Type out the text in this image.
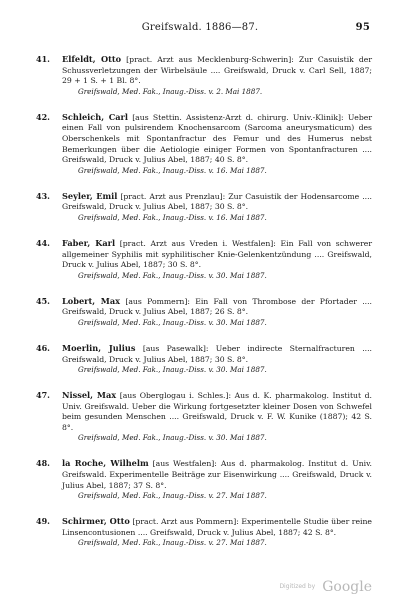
Greifswald. 1886—87.	95
41.	Elfeldt, Otto [pract. Arzt aus Mecklenburg-Schwerin]: Zur Casuistik der Schussverletzungen der Wirbelsäule .... Greifswald, Druck v. Carl Sell, 1887; 29 + 1 S. + 1 Bl. 8°.
Greifswald, Med. Fak., Inaug.-Diss. v. 2. Mai 1887.
42.	Schleich, Carl [aus Stettin. Assistenz-Arzt d. chirurg. Univ.-Klinik]: Ueber einen Fall von pulsirendem Knochensarcom (Sarcoma aneurysmaticum) des Oberschenkels mit Spontanfractur des Femur und des Humerus nebst Bemerkungen über die Aetiologie einiger Formen von Spontanfracturen .... Greifswald, Druck v. Julius Abel, 1887; 40 S. 8°.
Greifswald, Med. Fak., Inaug.-Diss. v. 16. Mai 1887.
43.	Seyler, Emil [pract. Arzt aus Prenzlau]: Zur Casuistik der Hodensarcome .... Greifswald, Druck v. Julius Abel, 1887; 30 S. 8°.
Greifswald, Med. Fak., Inaug.-Diss. v. 16. Mai 1887.
44.	Faber, Karl [pract. Arzt aus Vreden i. Westfalen]: Ein Fall von schwerer allgemeiner Syphilis mit syphilitischer Knie-Gelenkentzündung .... Greifswald, Druck v. Julius Abel, 1887; 30 S. 8°.
Greifswald, Med. Fak., Inaug.-Diss. v. 30. Mai 1887.
45.	Lobert, Max [aus Pommern]: Ein Fall von Thrombose der Pfortader .... Greifswald, Druck v. Julius Abel, 1887; 26 S. 8°.
Greifswald, Med. Fak., Inaug.-Diss. v. 30. Mai 1887.
46.	Moerlin, Julius [aus Pasewalk]: Ueber indirecte Sternalfracturen .... Greifswald, Druck v. Julius Abel, 1887; 30 S. 8°.
Greifswald, Med. Fak., Inaug.-Diss. v. 30. Mai 1887.
47.	Nissel, Max [aus Oberglogau i. Schles.]: Aus d. K. pharmakolog. Institut d. Univ. Greifswald. Ueber die Wirkung fortgesetzter kleiner Dosen von Schwefel beim gesunden Menschen .... Greifswald, Druck v. F. W. Kunike (1887); 42 S. 8°.
Greifswald, Med. Fak., Inaug.-Diss. v. 30. Mai 1887.
48.	la Roche, Wilhelm [aus Westfalen]: Aus d. pharmakolog. Institut d. Univ. Greifswald. Experimentelle Beiträge zur Eisenwirkung .... Greifswald, Druck v. Julius Abel, 1887; 37 S. 8°.
Greifswald, Med. Fak., Inaug.-Diss. v. 27. Mai 1887.
49.	Schirmer, Otto [pract. Arzt aus Pommern]: Experimentelle Studie über reine Linsencontusionen .... Greifswald, Druck v. Julius Abel, 1887; 42 S. 8°.
Greifswald, Med. Fak., Inaug.-Diss. v. 27. Mai 1887.
Digitized by Google
